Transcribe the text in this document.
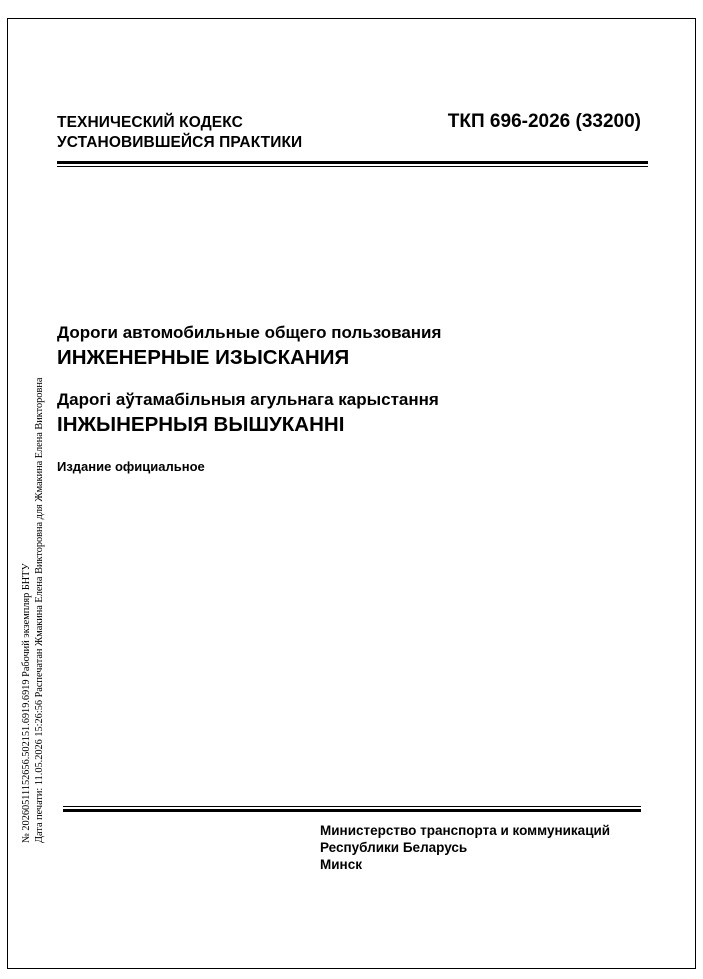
ТЕХНИЧЕСКИЙ КОДЕКС
УСТАНОВИВШЕЙСЯ ПРАКТИКИ
ТКП 696-2026 (33200)
№ 20260511152656.502151.6919.6919 Рабочий экземпляр БНТУ Дата печати: 11.05.2026 15:26:56 Распечатан Жмакина Елена Викторовна для Жмакина Елена Викторовна
Дороги автомобильные общего пользования
ИНЖЕНЕРНЫЕ ИЗЫСКАНИЯ
Дарогі аўтамабільныя агульнага карыстання
ІНЖЫНЕРНЫЯ ВЫШУКАННІ
Издание официальное
Министерство транспорта и коммуникаций
Республики Беларусь
Минск
